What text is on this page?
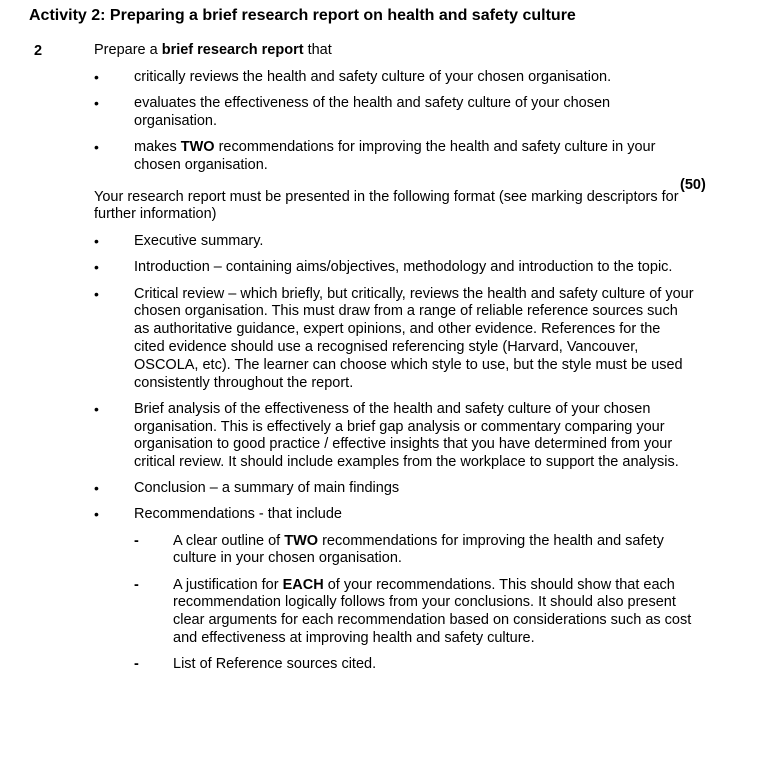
Activity 2: Preparing a brief research report on health and safety culture
2	Prepare a brief research report that

• critically reviews the health and safety culture of your chosen organisation.
• evaluates the effectiveness of the health and safety culture of your chosen organisation.
• makes TWO recommendations for improving the health and safety culture in your chosen organisation.

Your research report must be presented in the following format (see marking descriptors for further information)

• Executive summary.
• Introduction – containing aims/objectives, methodology and introduction to the topic.
• Critical review – which briefly, but critically, reviews the health and safety culture of your chosen organisation. This must draw from a range of reliable reference sources such as authoritative guidance, expert opinions, and other evidence. References for the cited evidence should use a recognised referencing style (Harvard, Vancouver, OSCOLA, etc). The learner can choose which style to use, but the style must be used consistently throughout the report.
• Brief analysis of the effectiveness of the health and safety culture of your chosen organisation. This is effectively a brief gap analysis or commentary comparing your organisation to good practice / effective insights that you have determined from your critical review. It should include examples from the workplace to support the analysis.
• Conclusion – a summary of main findings
• Recommendations - that include
- A clear outline of TWO recommendations for improving the health and safety culture in your chosen organisation.
- A justification for EACH of your recommendations. This should show that each recommendation logically follows from your conclusions. It should also present clear arguments for each recommendation based on considerations such as cost and effectiveness at improving health and safety culture.
- List of Reference sources cited.
(50)
